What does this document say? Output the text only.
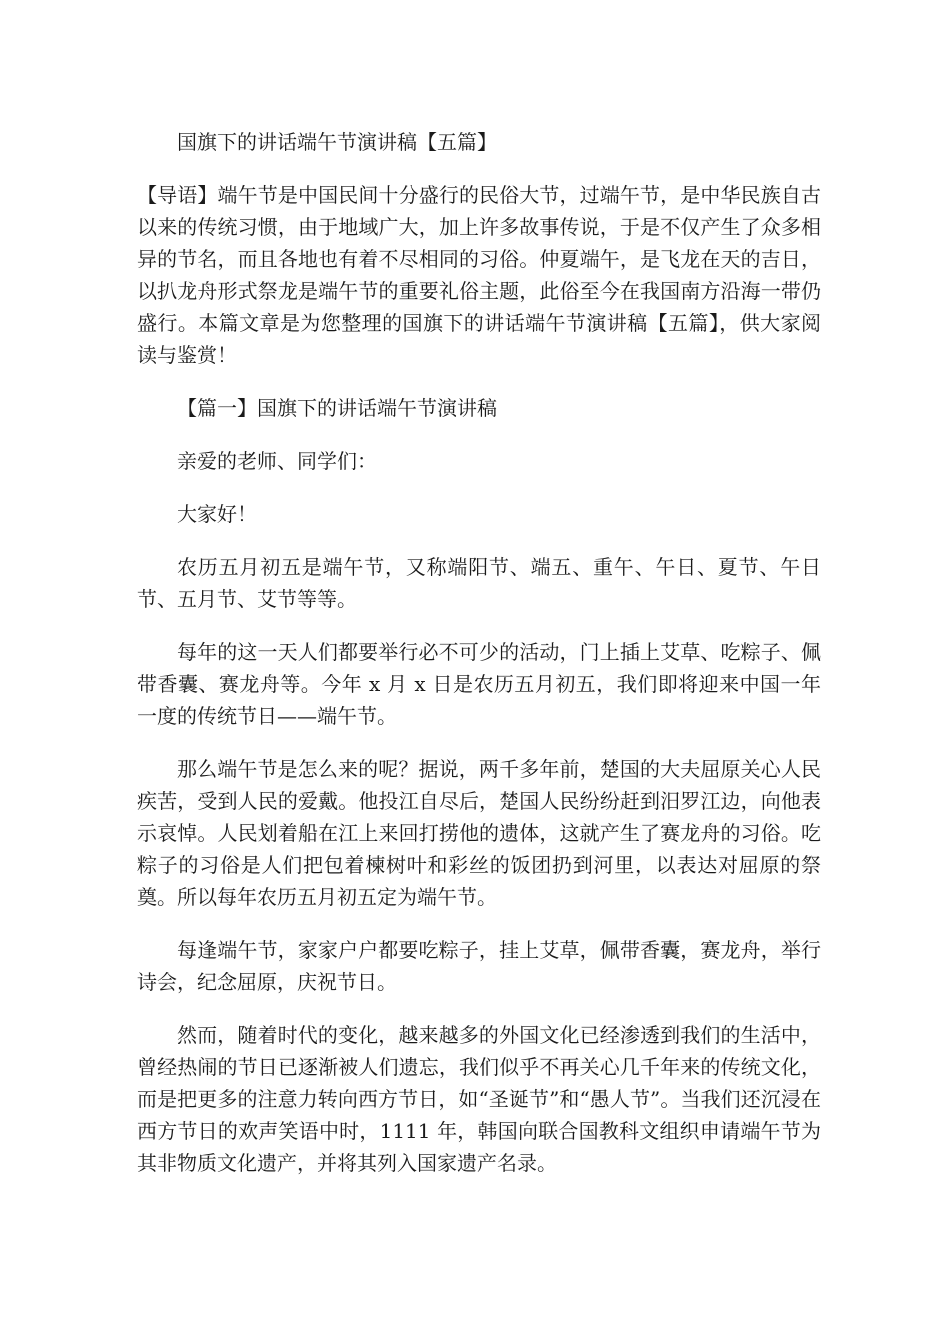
国旗下的讲话端午节演讲稿【五篇】

【导语】端午节是中国民间十分盛行的民俗大节，过端午节，是中华民族自古以来的传统习惯，由于地域广大，加上许多故事传说，于是不仅产生了众多相异的节名，而且各地也有着不尽相同的习俗。仲夏端午，是飞龙在天的吉日，以扒龙舟形式祭龙是端午节的重要礼俗主题，此俗至今在我国南方沿海一带仍盛行。本篇文章是为您整理的国旗下的讲话端午节演讲稿【五篇】，供大家阅读与鉴赏！

【篇一】国旗下的讲话端午节演讲稿

亲爱的老师、同学们：

大家好！

农历五月初五是端午节，又称端阳节、端五、重午、午日、夏节、午日节、五月节、艾节等等。

每年的这一天人们都要举行必不可少的活动，门上插上艾草、吃粽子、佩带香囊、赛龙舟等。今年 x 月 x 日是农历五月初五，我们即将迎来中国一年一度的传统节日——端午节。

那么端午节是怎么来的呢？据说，两千多年前，楚国的大夫屈原关心人民疾苦，受到人民的爱戴。他投江自尽后，楚国人民纷纷赶到汨罗江边，向他表示哀悼。人民划着船在江上来回打捞他的遗体，这就产生了赛龙舟的习俗。吃粽子的习俗是人们把包着楝树叶和彩丝的饭团扔到河里，以表达对屈原的祭奠。所以每年农历五月初五定为端午节。

每逢端午节，家家户户都要吃粽子，挂上艾草，佩带香囊，赛龙舟，举行诗会，纪念屈原，庆祝节日。

然而，随着时代的变化，越来越多的外国文化已经渗透到我们的生活中，曾经热闹的节日已逐渐被人们遗忘，我们似乎不再关心几千年来的传统文化，而是把更多的注意力转向西方节日，如“圣诞节”和“愚人节”。当我们还沉浸在西方节日的欢声笑语中时，1111 年，韩国向联合国教科文组织申请端午节为其非物质文化遗产，并将其列入国家遗产名录。
